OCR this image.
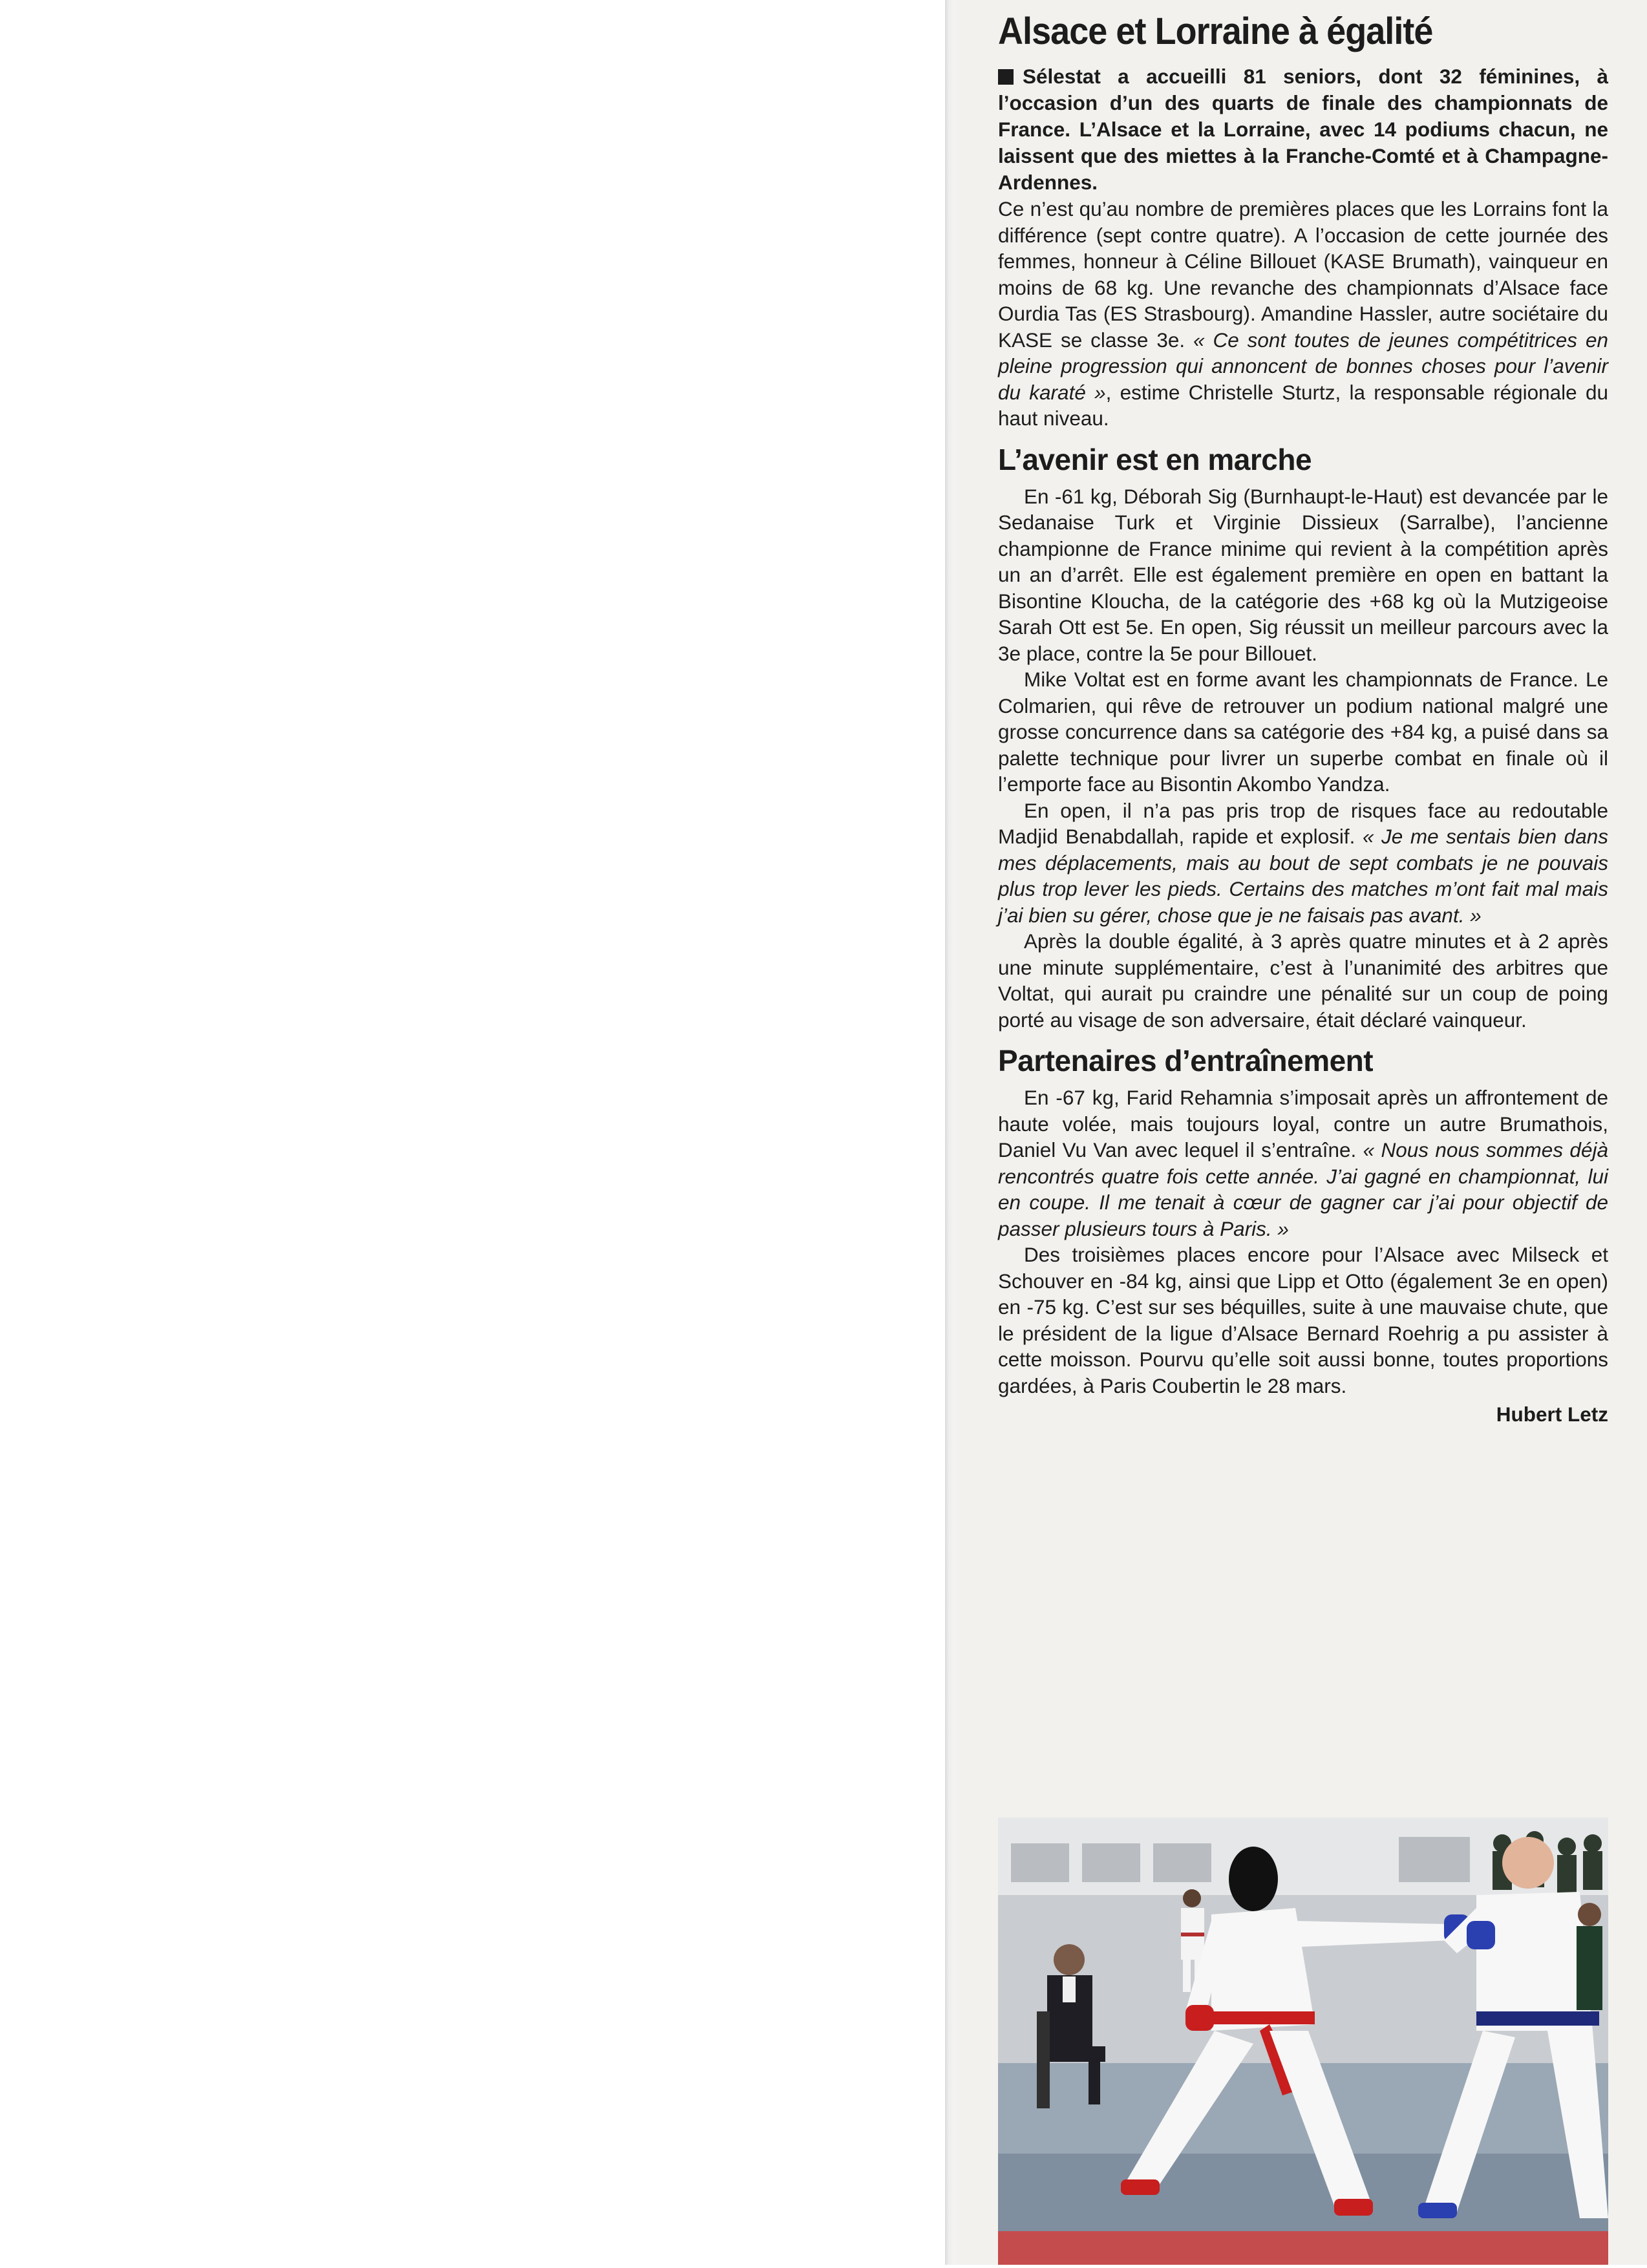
Alsace et Lorraine à égalité

Sélestat a accueilli 81 seniors, dont 32 féminines, à l’occasion d’un des quarts de finale des championnats de France. L’Alsace et la Lorraine, avec 14 podiums chacun, ne laissent que des miettes à la Franche-Comté et à Champagne-Ardennes.

Ce n’est qu’au nombre de premières places que les Lorrains font la différence (sept contre quatre). A l’occasion de cette journée des femmes, honneur à Céline Billouet (KASE Brumath), vainqueur en moins de 68 kg. Une revanche des championnats d’Alsace face Ourdia Tas (ES Strasbourg). Amandine Hassler, autre sociétaire du KASE se classe 3e. « Ce sont toutes de jeunes compétitrices en pleine progression qui annoncent de bonnes choses pour l’avenir du karaté », estime Christelle Sturtz, la responsable régionale du haut niveau.

L’avenir est en marche

En -61 kg, Déborah Sig (Burnhaupt-le-Haut) est devancée par le Sedanaise Turk et Virginie Dissieux (Sarralbe), l’ancienne championne de France minime qui revient à la compétition après un an d’arrêt. Elle est également première en open en battant la Bisontine Kloucha, de la catégorie des +68 kg où la Mutzigeoise Sarah Ott est 5e. En open, Sig réussit un meilleur parcours avec la 3e place, contre la 5e pour Billouet.

Mike Voltat est en forme avant les championnats de France. Le Colmarien, qui rêve de retrouver un podium national malgré une grosse concurrence dans sa catégorie des +84 kg, a puisé dans sa palette technique pour livrer un superbe combat en finale où il l’emporte face au Bisontin Akombo Yandza.

En open, il n’a pas pris trop de risques face au redoutable Madjid Benabdallah, rapide et explosif. « Je me sentais bien dans mes déplacements, mais au bout de sept combats je ne pouvais plus trop lever les pieds. Certains des matches m’ont fait mal mais j’ai bien su gérer, chose que je ne faisais pas avant. »

Après la double égalité, à 3 après quatre minutes et à 2 après une minute supplémentaire, c’est à l’unanimité des arbitres que Voltat, qui aurait pu craindre une pénalité sur un coup de poing porté au visage de son adversaire, était déclaré vainqueur.

Partenaires d’entraînement

En -67 kg, Farid Rehamnia s’imposait après un affrontement de haute volée, mais toujours loyal, contre un autre Brumathois, Daniel Vu Van avec lequel il s’entraîne. « Nous nous sommes déjà rencontrés quatre fois cette année. J’ai gagné en championnat, lui en coupe. Il me tenait à cœur de gagner car j’ai pour objectif de passer plusieurs tours à Paris. »

Des troisièmes places encore pour l’Alsace avec Milseck et Schouver en -84 kg, ainsi que Lipp et Otto (également 3e en open) en -75 kg. C’est sur ses béquilles, suite à une mauvaise chute, que le président de la ligue d’Alsace Bernard Roehrig a pu assister à cette moisson. Pourvu qu’elle soit aussi bonne, toutes proportions gardées, à Paris Coubertin le 28 mars.

Hubert Letz
